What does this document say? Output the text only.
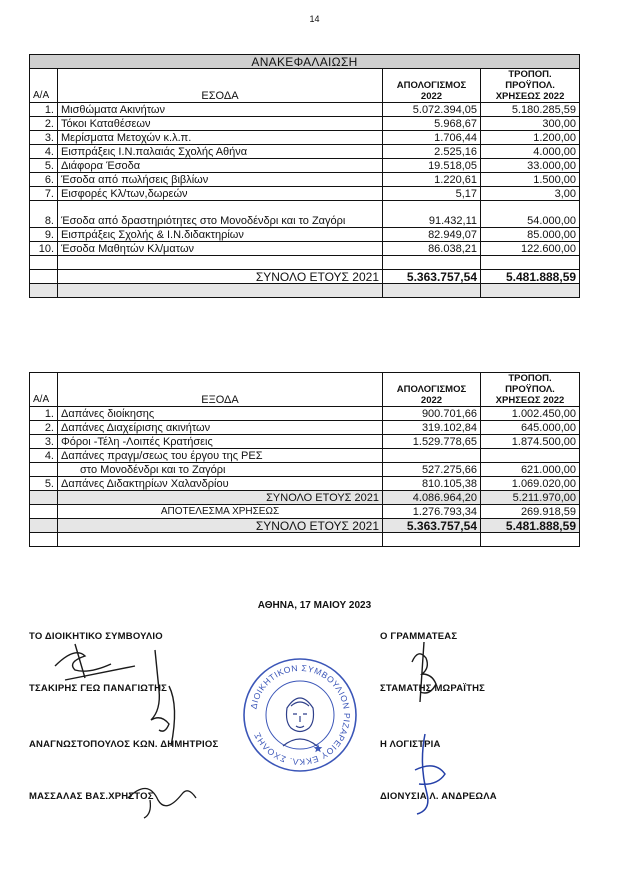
14
ΑΝΑΚΕΦΑΛΑΙΩΣΗ			
Α/Α	ΕΣΟΔΑ	ΑΠΟΛΟΓΙΣΜΟΣ 2022	ΤΡΟΠΟΠ. ΠΡΟΫΠΟΛ. ΧΡΗΣΕΩΣ 2022
1.	Μισθώματα Ακινήτων	5.072.394,05	5.180.285,59
2.	Τόκοι Καταθέσεων	5.968,67	300,00
3.	Μερίσματα Μετοχών κ.λ.π.	1.706,44	1.200,00
4.	Εισπράξεις Ι.Ν.παλαιάς Σχολής Αθήνα	2.525,16	4.000,00
5.	Διάφορα Έσοδα	19.518,05	33.000,00
6.	Έσοδα από πωλήσεις βιβλίων	1.220,61	1.500,00
7.	Εισφορές Κλ/των,δωρεών	5,17	3,00
8.	Έσοδα από δραστηριότητες στο Μονοδένδρι και το Ζαγόρι	91.432,11	54.000,00
9.	Εισπράξεις Σχολής & Ι.Ν.διδακτηρίων	82.949,07	85.000,00
10.	Έσοδα Μαθητών Κλ/ματων	86.038,21	122.600,00

	ΣΥΝΟΛΟ ΕΤΟΥΣ 2021	5.363.757,54	5.481.888,59

Α/Α	ΕΞΟΔΑ	ΑΠΟΛΟΓΙΣΜΟΣ 2022	ΤΡΟΠΟΠ. ΠΡΟΫΠΟΛ. ΧΡΗΣΕΩΣ 2022
1.	Δαπάνες διοίκησης	900.701,66	1.002.450,00
2.	Δαπάνες Διαχείρισης ακινήτων	319.102,84	645.000,00
3.	Φόροι -Τέλη -Λοιπές Κρατήσεις	1.529.778,65	1.874.500,00
4.	Δαπάνες πραγμ/σεως του έργου της ΡΕΣ		
	στο Μονοδένδρι και το Ζαγόρι	527.275,66	621.000,00
5.	Δαπάνες Διδακτηρίων Χαλανδρίου	810.105,38	1.069.020,00
	ΣΥΝΟΛΟ ΕΤΟΥΣ 2021	4.086.964,20	5.211.970,00
	ΑΠΟΤΕΛΕΣΜΑ ΧΡΗΣΕΩΣ	1.276.793,34	269.918,59
	ΣΥΝΟΛΟ ΕΤΟΥΣ 2021	5.363.757,54	5.481.888,59

ΑΘΗΝΑ, 17 ΜΑΙΟΥ 2023
ΤΟ ΔΙΟΙΚΗΤΙΚΟ ΣΥΜΒΟΥΛΙΟ
ΤΣΑΚΙΡΗΣ ΓΕΩ ΠΑΝΑΓΙΩΤΗΣ
ΑΝΑΓΝΩΣΤΟΠΟΥΛΟΣ ΚΩΝ. ΔΗΜΗΤΡΙΟΣ
ΜΑΣΣΑΛΑΣ ΒΑΣ.ΧΡΗΣΤΟΣ
Ο ΓΡΑΜΜΑΤΕΑΣ
ΣΤΑΜΑΤΗΣ ΜΩΡΑΪΤΗΣ
Η ΛΟΓΙΣΤΡΙΑ
ΔΙΟΝΥΣΙΑ Λ. ΑΝΔΡΕΩΛΑ
ΔΙΟΙΚΗΤΙΚΟΝ ΣΥΜΒΟΥΛΙΟΝ ΡΙΖΑΡΕΙΟΥ ΕΚΚΛ. ΣΧΟΛΗΣ
